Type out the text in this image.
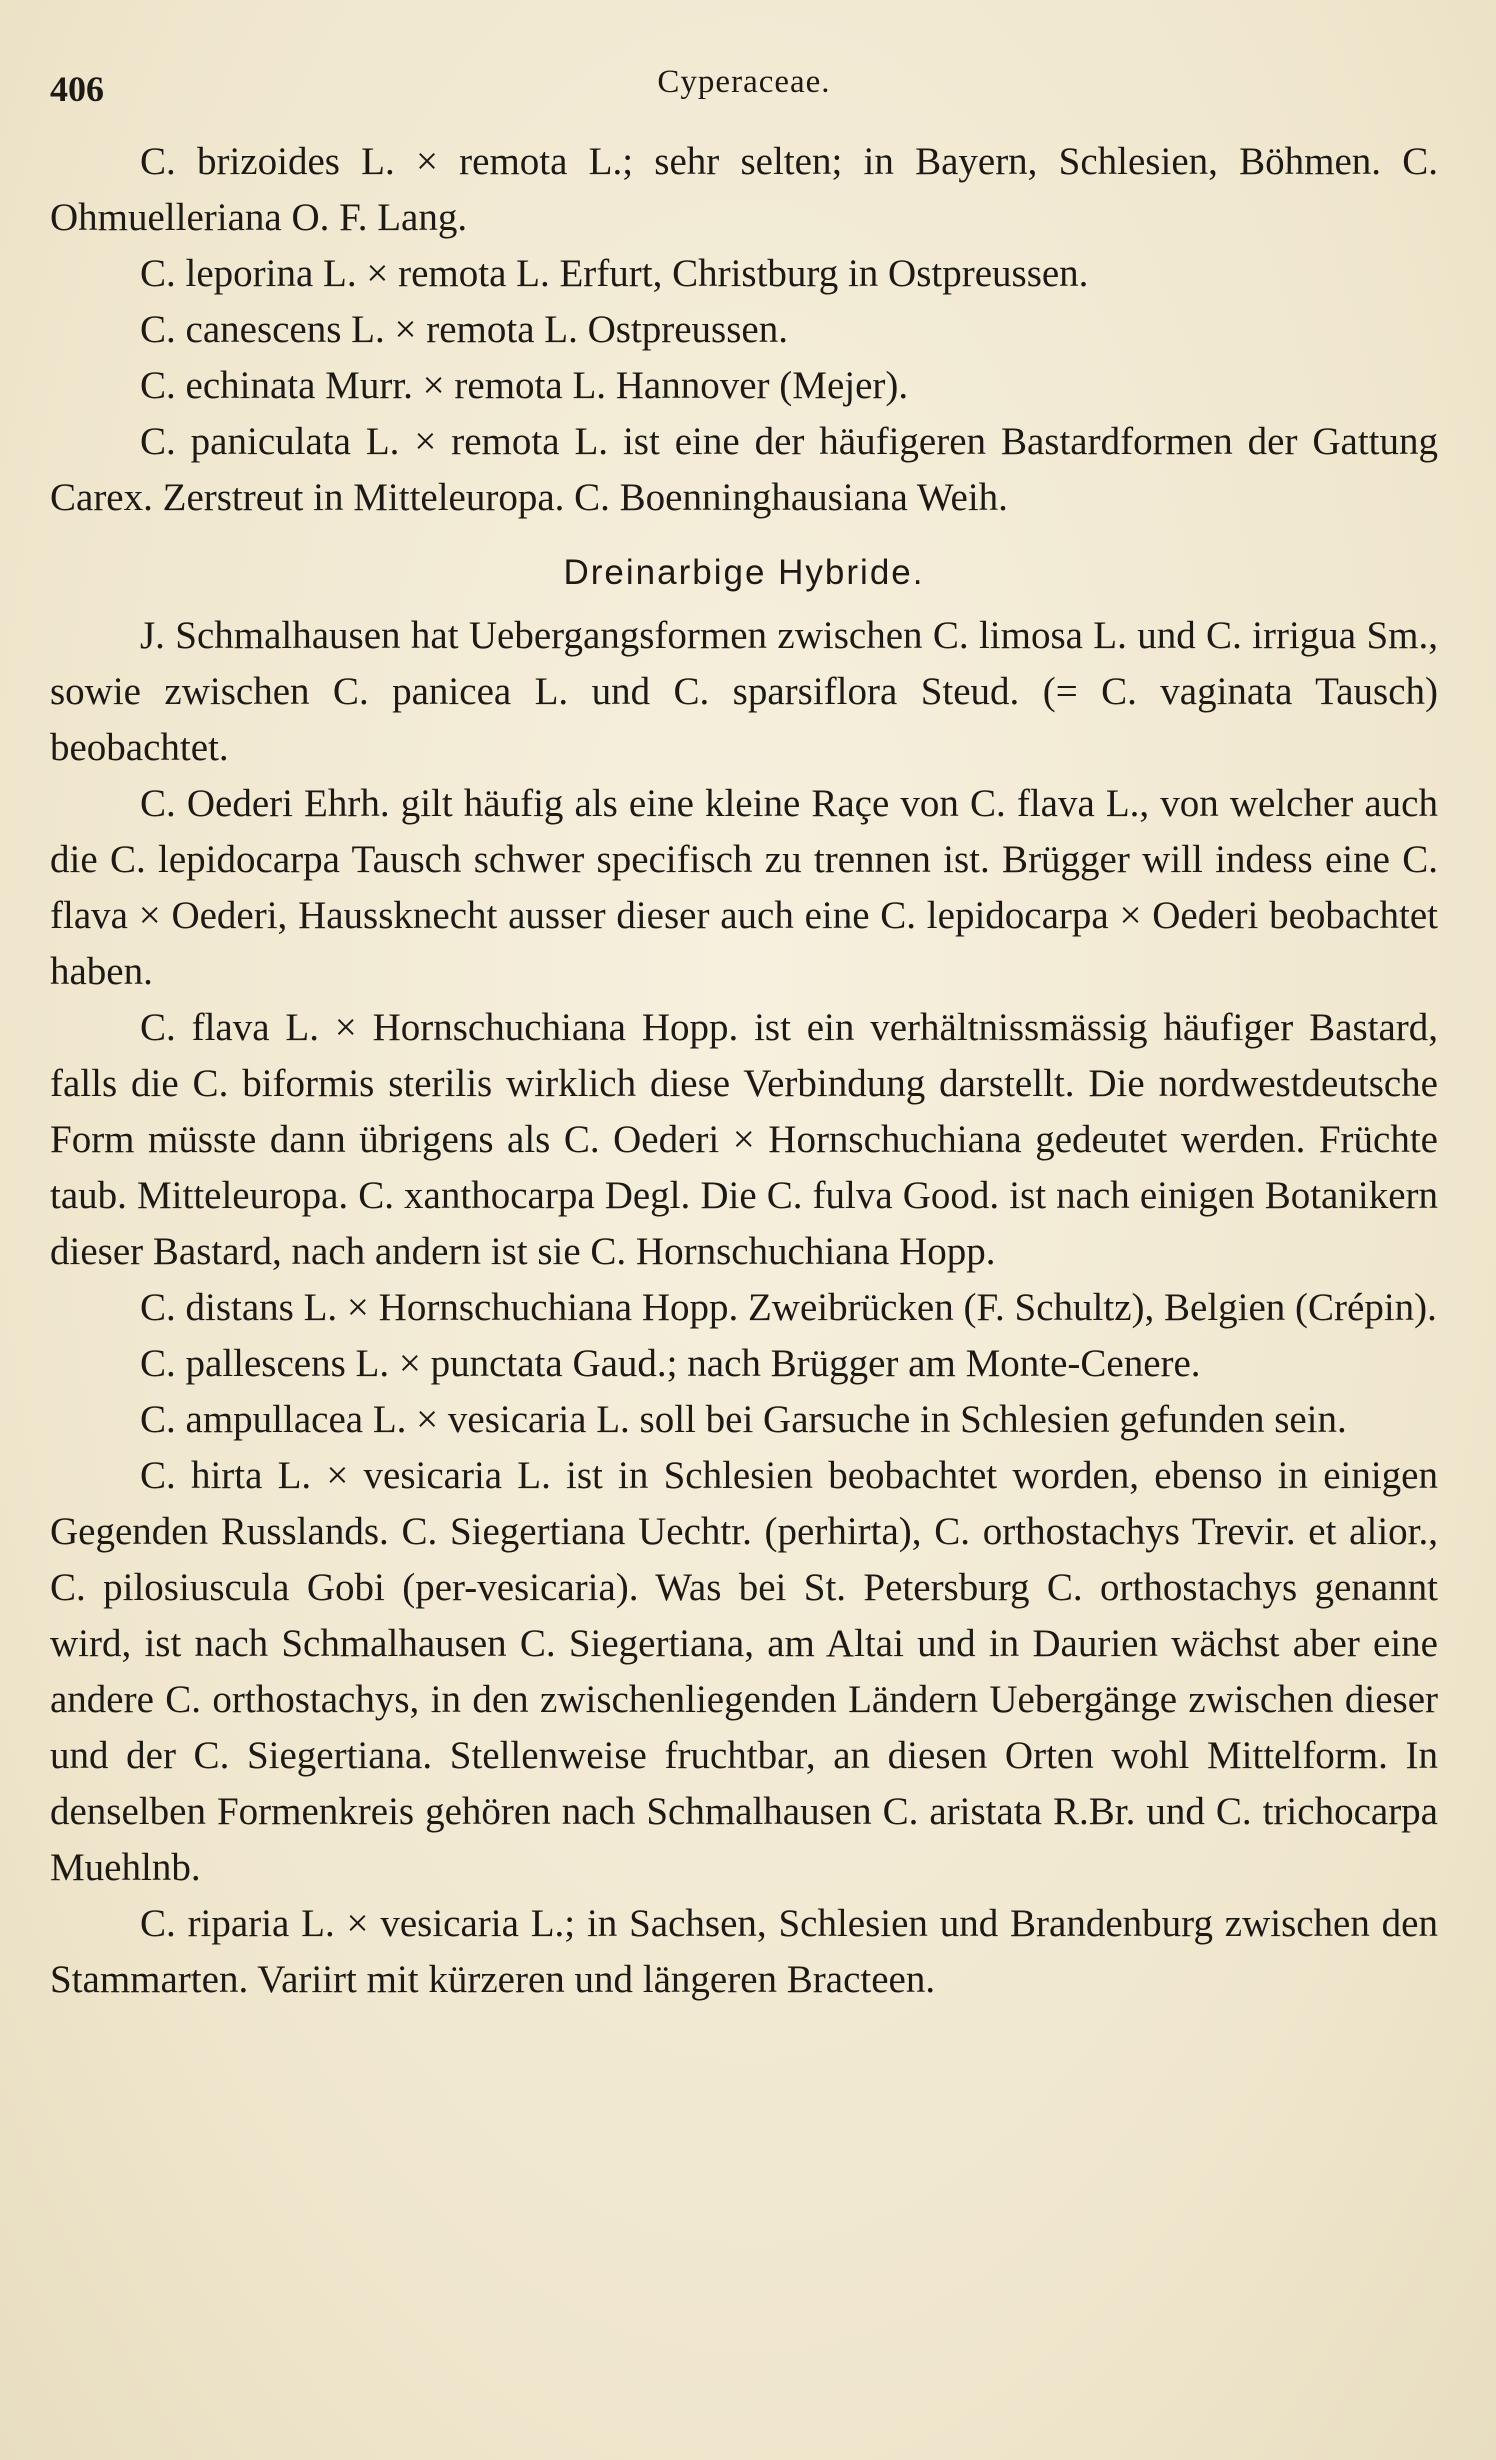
406	Cyperaceae.

C. brizoides L. × remota L.; sehr selten; in Bayern, Schlesien, Böhmen. C. Ohmuelleriana O. F. Lang.

C. leporina L. × remota L. Erfurt, Christburg in Ostpreussen.

C. canescens L. × remota L. Ostpreussen.

C. echinata Murr. × remota L. Hannover (Mejer).

C. paniculata L. × remota L. ist eine der häufigeren Bastardformen der Gattung Carex. Zerstreut in Mitteleuropa. C. Boenninghausiana Weih.

Dreinarbige Hybride.

J. Schmalhausen hat Uebergangsformen zwischen C. limosa L. und C. irrigua Sm., sowie zwischen C. panicea L. und C. sparsiflora Steud. (= C. vaginata Tausch) beobachtet.

C. Oederi Ehrh. gilt häufig als eine kleine Raçe von C. flava L., von welcher auch die C. lepidocarpa Tausch schwer specifisch zu trennen ist. Brügger will indess eine C. flava × Oederi, Haussknecht ausser dieser auch eine C. lepidocarpa × Oederi beobachtet haben.

C. flava L. × Hornschuchiana Hopp. ist ein verhältnissmässig häufiger Bastard, falls die C. biformis sterilis wirklich diese Verbindung darstellt. Die nordwestdeutsche Form müsste dann übrigens als C. Oederi × Hornschuchiana gedeutet werden. Früchte taub. Mitteleuropa. C. xanthocarpa Degl. Die C. fulva Good. ist nach einigen Botanikern dieser Bastard, nach andern ist sie C. Hornschuchiana Hopp.

C. distans L. × Hornschuchiana Hopp. Zweibrücken (F. Schultz), Belgien (Crépin).

C. pallescens L. × punctata Gaud.; nach Brügger am Monte-Cenere.

C. ampullacea L. × vesicaria L. soll bei Garsuche in Schlesien gefunden sein.

C. hirta L. × vesicaria L. ist in Schlesien beobachtet worden, ebenso in einigen Gegenden Russlands. C. Siegertiana Uechtr. (perhirta), C. orthostachys Trevir. et alior., C. pilosiuscula Gobi (per-vesicaria). Was bei St. Petersburg C. orthostachys genannt wird, ist nach Schmalhausen C. Siegertiana, am Altai und in Daurien wächst aber eine andere C. orthostachys, in den zwischenliegenden Ländern Uebergänge zwischen dieser und der C. Siegertiana. Stellenweise fruchtbar, an diesen Orten wohl Mittelform. In denselben Formenkreis gehören nach Schmalhausen C. aristata R.Br. und C. trichocarpa Muehlnb.

C. riparia L. × vesicaria L.; in Sachsen, Schlesien und Brandenburg zwischen den Stammarten. Variirt mit kürzeren und längeren Bracteen.
